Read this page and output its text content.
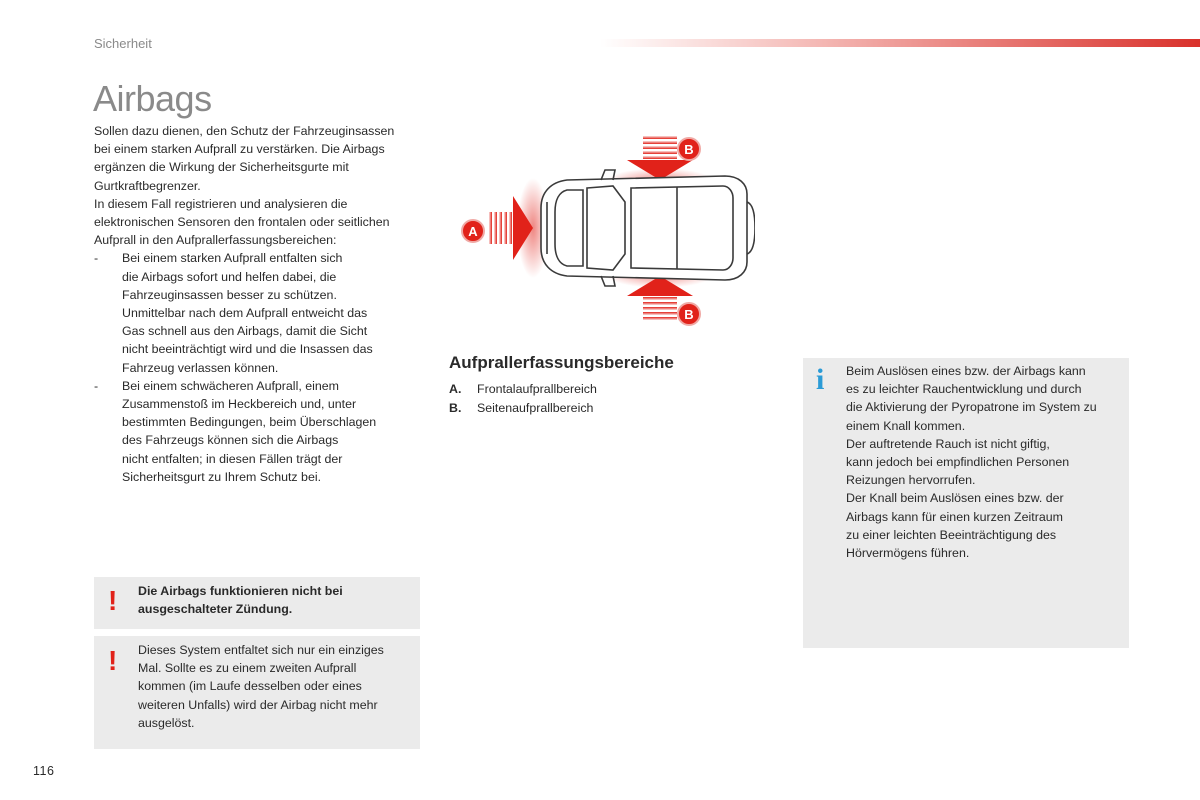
Sicherheit
Airbags

Sollen dazu dienen, den Schutz der Fahrzeuginsassen

bei einem starken Aufprall zu verstärken. Die Airbags

ergänzen die Wirkung der Sicherheitsgurte mit

Gurtkraftbegrenzer.

In diesem Fall registrieren und analysieren die

elektronischen Sensoren den frontalen oder seitlichen

Aufprall in den Aufprallerfassungsbereichen:

-	Bei einem starken Aufprall entfalten sich

die Airbags sofort und helfen dabei, die

Fahrzeuginsassen besser zu schützen.

Unmittelbar nach dem Aufprall entweicht das

Gas schnell aus den Airbags, damit die Sicht

nicht beeinträchtigt wird und die Insassen das

Fahrzeug verlassen können.

-	Bei einem schwächeren Aufprall, einem

Zusammenstoß im Heckbereich und, unter

bestimmten Bedingungen, beim Überschlagen

des Fahrzeugs können sich die Airbags

nicht entfalten; in diesen Fällen trägt der

Sicherheitsgurt zu Ihrem Schutz bei.

! Die Airbags funktionieren nicht bei
ausgeschalteter Zündung.
! Dieses System entfaltet sich nur ein einziges
Mal. Sollte es zu einem zweiten Aufprall
kommen (im Laufe desselben oder eines
weiteren Unfalls) wird der Airbag nicht mehr
ausgelöst.
A
B
B
Aufprallerfassungsbereiche
A.	Frontalaufprallbereich
B.	Seitenaufprallbereich
i Beim Auslösen eines bzw. der Airbags kann
es zu leichter Rauchentwicklung und durch
die Aktivierung der Pyropatrone im System zu
einem Knall kommen.
Der auftretende Rauch ist nicht giftig,
kann jedoch bei empfindlichen Personen
Reizungen hervorrufen.
Der Knall beim Auslösen eines bzw. der
Airbags kann für einen kurzen Zeitraum
zu einer leichten Beeinträchtigung des
Hörvermögens führen.
116
